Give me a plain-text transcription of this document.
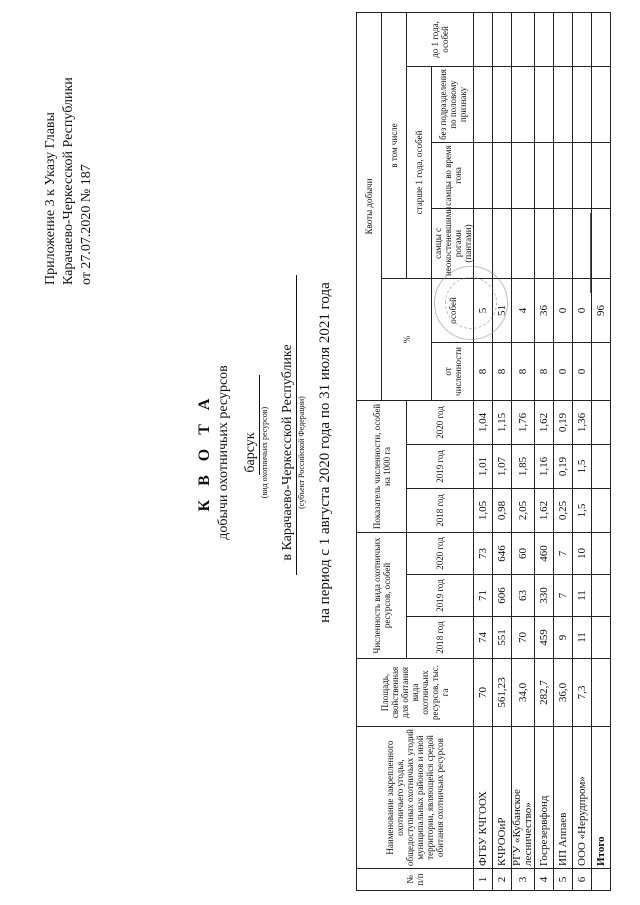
Приложение 3 к Указу Главы Карачаево-Черкесской Республики от 27.07.2020 № 187
К В О Т А добычи охотничьих ресурсов барсук (вид охотничьих ресурсов) в Карачаево-Черкесской Республике (субъект Российской Федерации) на период с 1 августа 2020 года по 31 июля 2021 года
№ п/п	Наименование закрепленного охотничьего угодья, общедоступных охотничьих угодий муниципальных районов и иной территории, являющейся средой обитания охотничьих ресурсов	Площадь, свойственная для обитания вида охотничьих ресурсов, тыс. га	Численность вида охотничьих ресурсов, особей			Показатель численности, особей на 1000 га			Квоты добычи					
									%		в том числе			
			2018 год	2019 год	2020 год	2018 год	2019 год	2020 год			старше 1 года, особей			до 1 года, особей
									от численности	особей	самцы с неокостеневшими рогами (пантами)	самцы во время гона	без подразделения по половому признаку	
1	ФГБУ КЧГООХ	70	74	71	73	1,05	1,01	1,04	8	5				
2	КЧРООиР	561,23	551	606	646	0,98	1,07	1,15	8	51				
3	РГУ «Кубанское лесничество»	34,0	70	63	60	2,05	1,85	1,76	8	4				
4	Госрезервфонд	282,7	459	330	460	1,62	1,16	1,62	8	36				
5	ИП Аппаев	36,0	9	7	7	0,25	0,19	0,19	0	0				
6	ООО «Нерудпром»	7,3	11	11	10	1,5	1,5	1,36	0	0				
	Итого									96				
